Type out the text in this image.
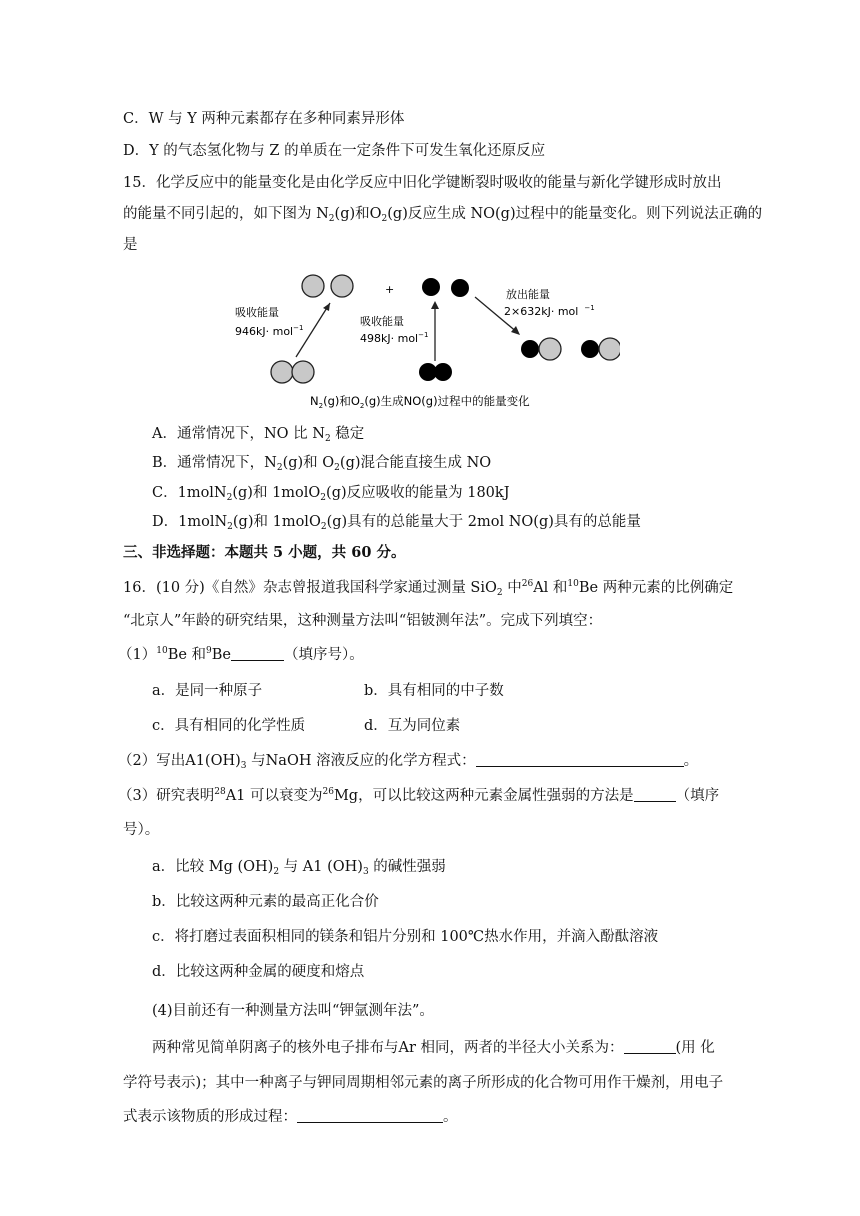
C．W 与 Y 两种元素都存在多种同素异形体
D．Y 的气态氢化物与 Z 的单质在一定条件下可发生氧化还原反应
15．化学反应中的能量变化是由化学反应中旧化学键断裂时吸收的能量与新化学键形成时放出
的能量不同引起的，如下图为 $N_2(g)$和$O_2(g)$反应生成 NO(g)过程中的能量变化。则下列说法正确的
是
吸收能量
946kJ· mol$^{-1}$
+
吸收能量
498kJ· mol$^{-1}$
放出能量
2×632kJ· mol $^{-1}$
$N_2(g)$和$O_2(g)$生成NO(g)过程中的能量变化
A．通常情况下，NO 比 $N_2$ 稳定
B．通常情况下，$N_2(g)$和 $O_2(g)$混合能直接生成 NO
C．1molN$_2$(g)和 1molO$_2$(g)反应吸收的能量为 180kJ
D．1molN$_2$(g)和 1molO$_2$(g)具有的总能量大于 2mol NO(g)具有的总能量
三、非选择题：本题共 5 小题，共 60 分。
16．(10 分)《自然》杂志曾报道我国科学家通过测量 SiO$_2$ 中$^{26}$Al 和$^{10}$Be 两种元素的比例确定
“北京人”年龄的研究结果，这种测量方法叫“铝铍测年法”。完成下列填空：
$(1)^{10}Be$ 和$^9$Be	（填序号）。
a．是同一种原子	b．具有相同的中子数
c．具有相同的化学性质	d．互为同位素
（2）写出$A1(OH)_3$ 与NaOH 溶液反应的化学方程式：	。
（3）研究表明$^{28}$A1 可以衰变为$^{26}$Mg，可以比较这两种元素金属性强弱的方法是	（填序
号）。
a．比较 Mg $(OH)_2$ 与 A1 $(OH)_3$ 的碱性强弱
b．比较这两种元素的最高正化合价
c．将打磨过表面积相同的镁条和铝片分别和 100℃热水作用，并滴入酚酞溶液
d．比较这两种金属的硬度和熔点
(4)目前还有一种测量方法叫“钾氩测年法”。
两种常见简单阴离子的核外电子排布与Ar 相同，两者的半径大小关系为：	(用 化
学符号表示)；其中一种离子与钾同周期相邻元素的离子所形成的化合物可用作干燥剂，用电子
式表示该物质的形成过程：	。
